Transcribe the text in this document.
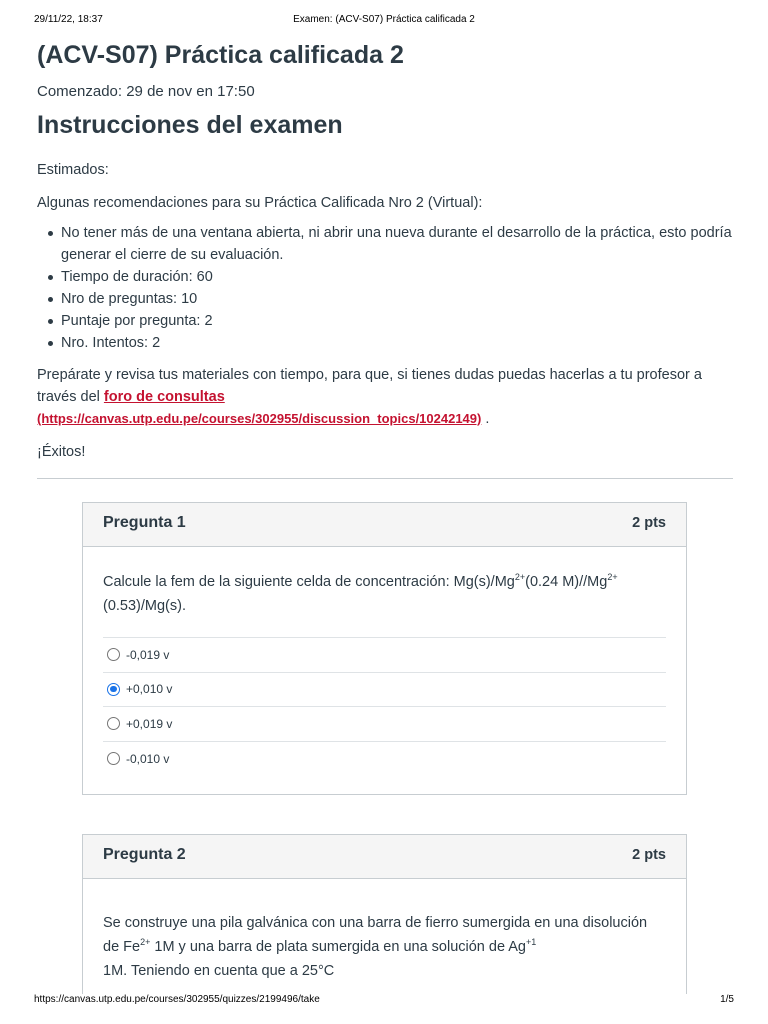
29/11/22, 18:37	Examen: (ACV-S07) Práctica calificada 2
(ACV-S07) Práctica calificada 2
Comenzado: 29 de nov en 17:50
Instrucciones del examen
Estimados:
Algunas recomendaciones para su Práctica Calificada Nro 2 (Virtual):
No tener más de una ventana abierta, ni abrir una nueva durante el desarrollo de la práctica, esto podría generar el cierre de su evaluación.
Tiempo de duración: 60
Nro de preguntas: 10
Puntaje por pregunta: 2
Nro. Intentos: 2
Prepárate y revisa tus materiales con tiempo, para que, si tienes dudas puedas hacerlas a tu profesor a través del foro de consultas
(https://canvas.utp.edu.pe/courses/302955/discussion_topics/10242149) .
¡Éxitos!
Pregunta 1	2 pts
Calcule la fem de la siguiente celda de concentración: $Mg(s)/Mg^{2+}(0.24$ $M)//Mg^{2+}$
(0.53)/Mg(s).
-0,019 v
+0,010 v
+0,019 v
-0,010 v
Pregunta 2	2 pts
Se construye una pila galvánica con una barra de fierro sumergida en una disolución de $Fe^{2+}$ 1M y una barra de plata sumergida en una solución de $Ag^{+1}$
1M. Teniendo en cuenta que a 25°C
https://canvas.utp.edu.pe/courses/302955/quizzes/2199496/take	1/5
